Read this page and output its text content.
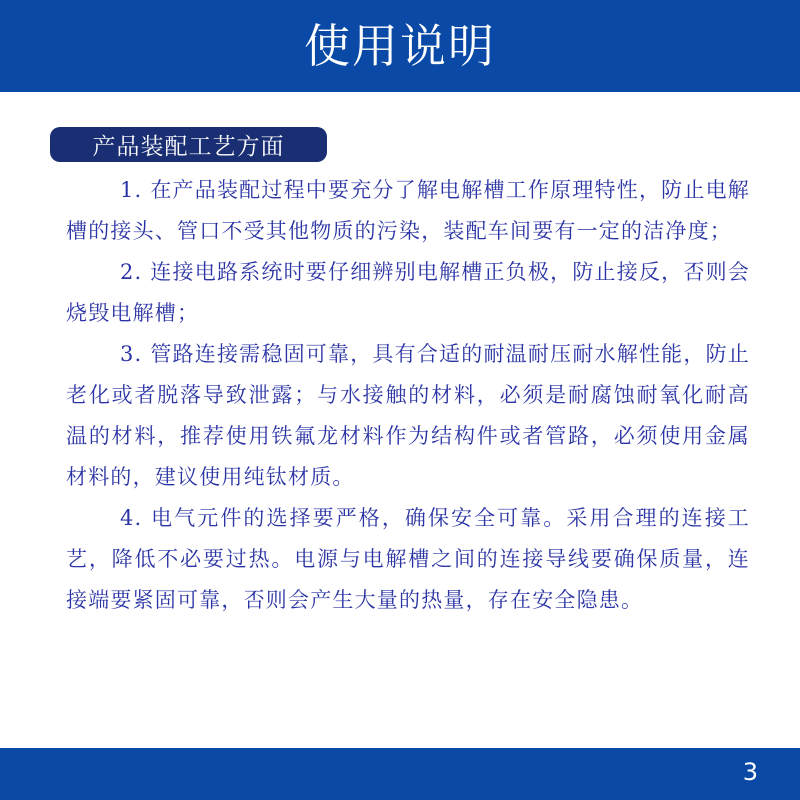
使用说明
产品装配工艺方面

1. 在产品装配过程中要充分了解电解槽工作原理特性，防止电解槽的接头、管口不受其他物质的污染，装配车间要有一定的洁净度；

2. 连接电路系统时要仔细辨别电解槽正负极，防止接反，否则会烧毁电解槽；

3. 管路连接需稳固可靠，具有合适的耐温耐压耐水解性能，防止老化或者脱落导致泄露；与水接触的材料，必须是耐腐蚀耐氧化耐高温的材料，推荐使用铁氟龙材料作为结构件或者管路，必须使用金属材料的，建议使用纯钛材质。

4. 电气元件的选择要严格，确保安全可靠。采用合理的连接工艺，降低不必要过热。电源与电解槽之间的连接导线要确保质量，连接端要紧固可靠，否则会产生大量的热量，存在安全隐患。

3
